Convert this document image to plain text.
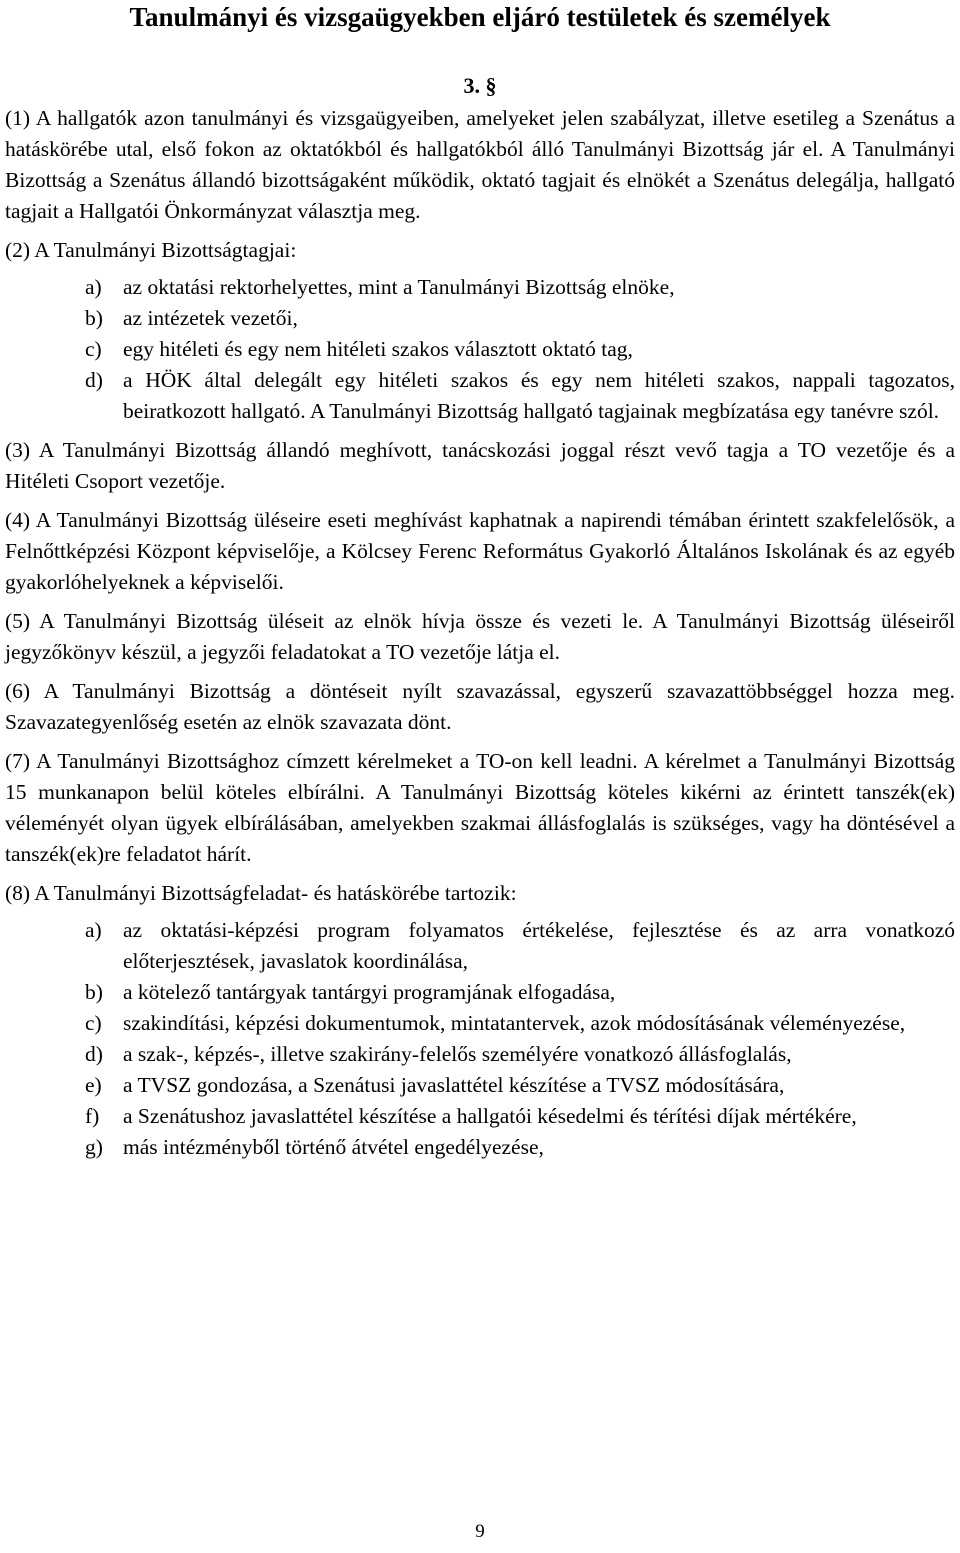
Tanulmányi és vizsgaügyekben eljáró testületek és személyek
3. §

(1) A hallgatók azon tanulmányi és vizsgaügyeiben, amelyeket jelen szabályzat, illetve esetileg a Szenátus a hatáskörébe utal, első fokon az oktatókból és hallgatókból álló Tanulmányi Bizottság jár el. A Tanulmányi Bizottság a Szenátus állandó bizottságaként működik, oktató tagjait és elnökét a Szenátus delegálja, hallgató tagjait a Hallgatói Önkormányzat választja meg.

(2) A Tanulmányi Bizottságtagjai:

a) az oktatási rektorhelyettes, mint a Tanulmányi Bizottság elnöke,
b) az intézetek vezetői,
c) egy hitéleti és egy nem hitéleti szakos választott oktató tag,
d) a HÖK által delegált egy hitéleti szakos és egy nem hitéleti szakos, nappali tagozatos, beiratkozott hallgató. A Tanulmányi Bizottság hallgató tagjainak megbízatása egy tanévre szól.

(3) A Tanulmányi Bizottság állandó meghívott, tanácskozási joggal részt vevő tagja a TO vezetője és a Hitéleti Csoport vezetője.

(4) A Tanulmányi Bizottság üléseire eseti meghívást kaphatnak a napirendi témában érintett szakfelelősök, a Felnőttképzési Központ képviselője, a Kölcsey Ferenc Református Gyakorló Általános Iskolának és az egyéb gyakorlóhelyeknek a képviselői.

(5) A Tanulmányi Bizottság üléseit az elnök hívja össze és vezeti le. A Tanulmányi Bizottság üléseiről jegyzőkönyv készül, a jegyzői feladatokat a TO vezetője látja el.

(6) A Tanulmányi Bizottság a döntéseit nyílt szavazással, egyszerű szavazattöbbséggel hozza meg. Szavazategyenlőség esetén az elnök szavazata dönt.

(7) A Tanulmányi Bizottsághoz címzett kérelmeket a TO-on kell leadni. A kérelmet a Tanulmányi Bizottság 15 munkanapon belül köteles elbírálni. A Tanulmányi Bizottság köteles kikérni az érintett tanszék(ek) véleményét olyan ügyek elbírálásában, amelyekben szakmai állásfoglalás is szükséges, vagy ha döntésével a tanszék(ek)re feladatot hárít.

(8) A Tanulmányi Bizottságfeladat- és hatáskörébe tartozik:

a) az oktatási-képzési program folyamatos értékelése, fejlesztése és az arra vonatkozó előterjesztések, javaslatok koordinálása,
b) a kötelező tantárgyak tantárgyi programjának elfogadása,
c) szakindítási, képzési dokumentumok, mintatantervek, azok módosításának véleményezése,
d) a szak-, képzés-, illetve szakirány-felelős személyére vonatkozó állásfoglalás,
e) a TVSZ gondozása, a Szenátusi javaslattétel készítése a TVSZ módosítására,
f) a Szenátushoz javaslattétel készítése a hallgatói késedelmi és térítési díjak mértékére,
g) más intézményből történő átvétel engedélyezése,
9
